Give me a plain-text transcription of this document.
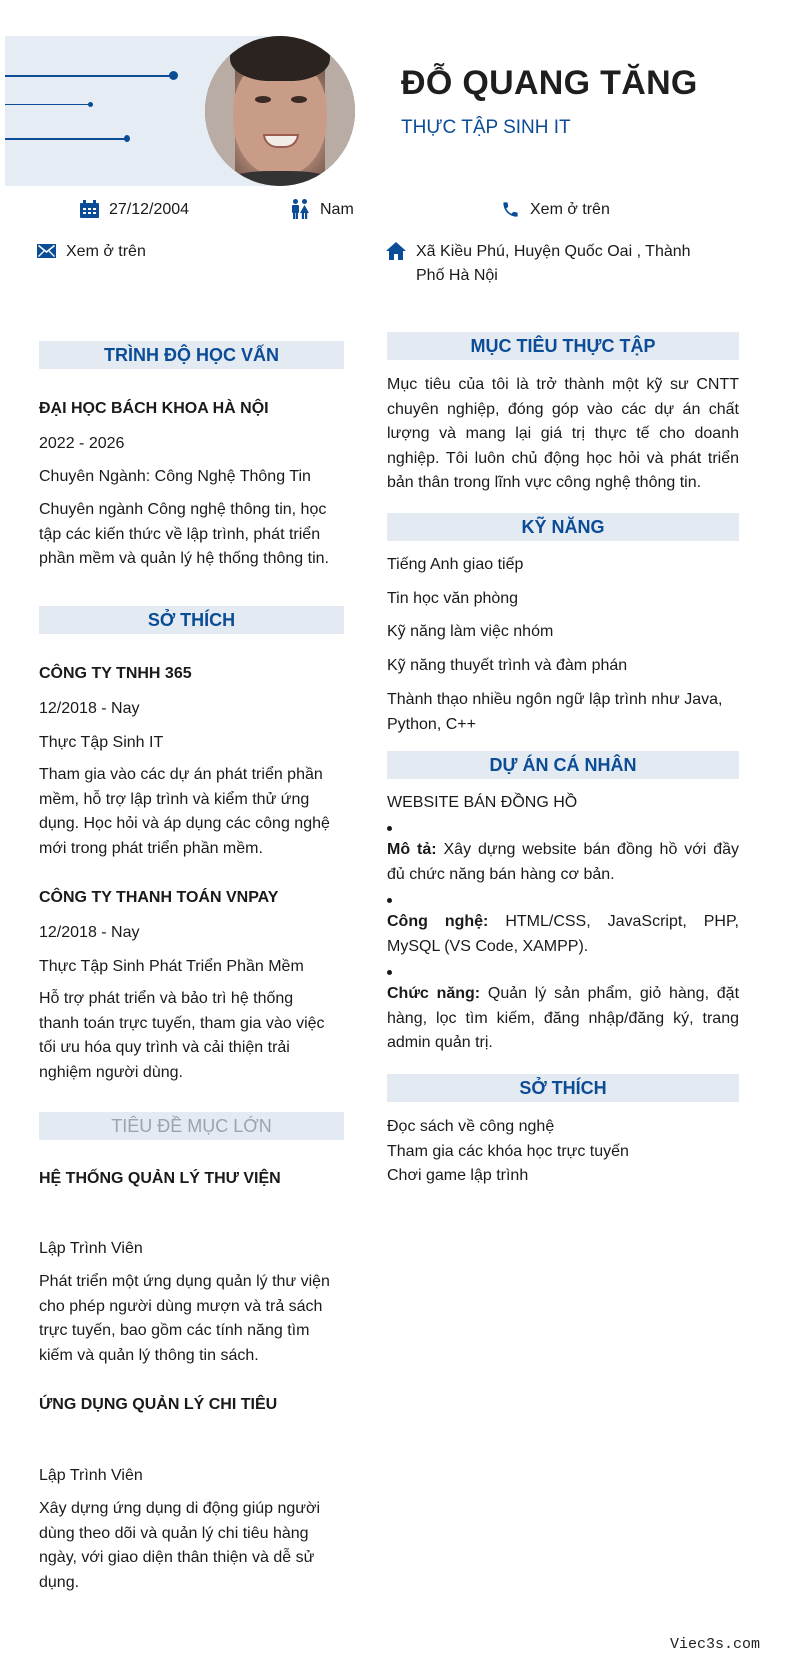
ĐỖ QUANG TĂNG
THỰC TẬP SINH IT
27/12/2004	Nam	Xem ở trên
Xem ở trên	Xã Kiều Phú, Huyện Quốc Oai , Thành
Phố Hà Nội
TRÌNH ĐỘ HỌC VẤN
ĐẠI HỌC BÁCH KHOA HÀ NỘI
2022 - 2026
Chuyên Ngành: Công Nghệ Thông Tin
Chuyên ngành Công nghệ thông tin, học
tập các kiến thức về lập trình, phát triển
phần mềm và quản lý hệ thống thông tin.
SỞ THÍCH
CÔNG TY TNHH 365
12/2018 - Nay
Thực Tập Sinh IT
Tham gia vào các dự án phát triển phần
mềm, hỗ trợ lập trình và kiểm thử ứng
dụng. Học hỏi và áp dụng các công nghệ
mới trong phát triển phần mềm.
CÔNG TY THANH TOÁN VNPAY
12/2018 - Nay
Thực Tập Sinh Phát Triển Phần Mềm
Hỗ trợ phát triển và bảo trì hệ thống
thanh toán trực tuyến, tham gia vào việc
tối ưu hóa quy trình và cải thiện trải
nghiệm người dùng.
TIÊU ĐỀ MỤC LỚN
HỆ THỐNG QUẢN LÝ THƯ VIỆN
Lập Trình Viên
Phát triển một ứng dụng quản lý thư viện
cho phép người dùng mượn và trả sách
trực tuyến, bao gồm các tính năng tìm
kiếm và quản lý thông tin sách.
ỨNG DỤNG QUẢN LÝ CHI TIÊU
Lập Trình Viên
Xây dựng ứng dụng di động giúp người
dùng theo dõi và quản lý chi tiêu hàng
ngày, với giao diện thân thiện và dễ sử
dụng.
MỤC TIÊU THỰC TẬP
Mục tiêu của tôi là trở thành một kỹ sư CNTT chuyên nghiệp, đóng góp vào các dự án chất lượng và mang lại giá trị thực tế cho doanh nghiệp. Tôi luôn chủ động học hỏi và phát triển bản thân trong lĩnh vực công nghệ thông tin.
KỸ NĂNG
Tiếng Anh giao tiếp
Tin học văn phòng
Kỹ năng làm việc nhóm
Kỹ năng thuyết trình và đàm phán
Thành thạo nhiều ngôn ngữ lập trình như Java, Python, C++
DỰ ÁN CÁ NHÂN
WEBSITE BÁN ĐỒNG HỒ
Mô tả: Xây dựng website bán đồng hồ với đầy đủ chức năng bán hàng cơ bản.
Công nghệ: HTML/CSS, JavaScript, PHP, MySQL (VS Code, XAMPP).
Chức năng: Quản lý sản phẩm, giỏ hàng, đặt hàng, lọc tìm kiếm, đăng nhập/đăng ký, trang admin quản trị.
SỞ THÍCH
Đọc sách về công nghệ
Tham gia các khóa học trực tuyến
Chơi game lập trình
Viec3s.com
